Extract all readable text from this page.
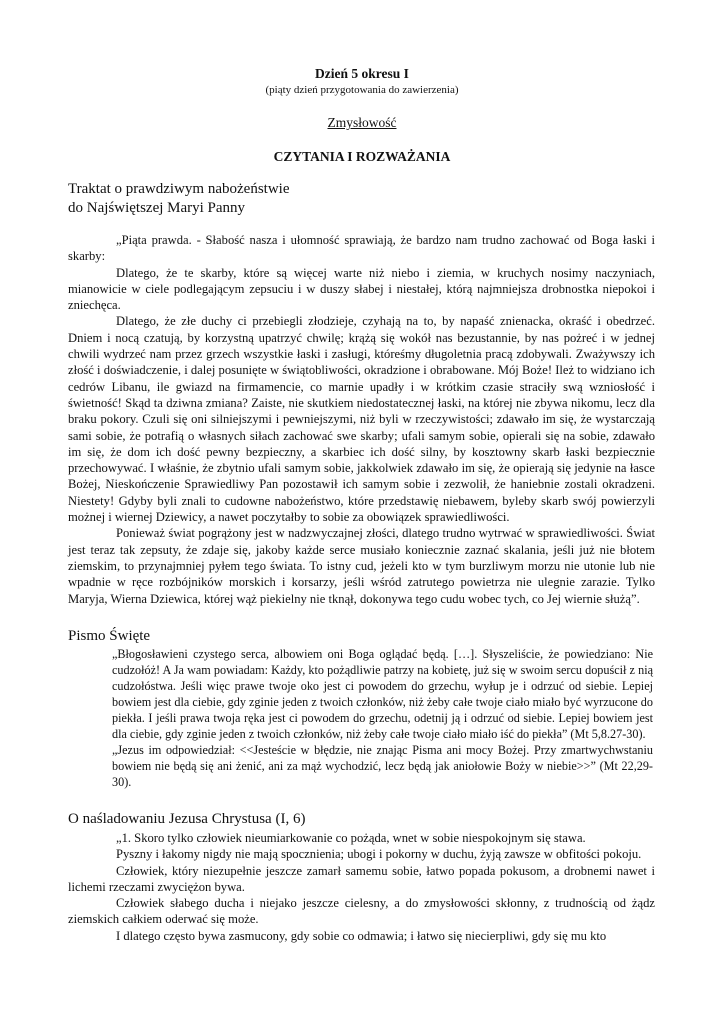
Dzień 5 okresu I
(piąty dzień przygotowania do zawierzenia)
Zmysłowość
CZYTANIA I ROZWAŻANIA
Traktat o prawdziwym nabożeństwie
do Najświętszej Maryi Panny

„Piąta prawda. - Słabość nasza i ułomność sprawiają, że bardzo nam trudno zachować od Boga łaski i skarby:

Dlatego, że te skarby, które są więcej warte niż niebo i ziemia, w kruchych nosimy naczyniach, mianowicie w ciele podlegającym zepsuciu i w duszy słabej i niestałej, którą najmniejsza drobnostka niepokoi i zniechęca.

Dlatego, że złe duchy ci przebiegli złodzieje, czyhają na to, by napaść znienacka, okraść i obedrzeć. Dniem i nocą czatują, by korzystną upatrzyć chwilę; krążą się wokół nas bezustannie, by nas pożreć i w jednej chwili wydrzeć nam przez grzech wszystkie łaski i zasługi, któreśmy długoletnia pracą zdobywali. Zważywszy ich złość i doświadczenie, i dalej posunięte w świątobliwości, okradzione i obrabowane. Mój Boże! Ileż to widziano ich cedrów Libanu, ile gwiazd na firmamencie, co marnie upadły i w krótkim czasie straciły swą wzniosłość i świetność! Skąd ta dziwna zmiana? Zaiste, nie skutkiem niedostatecznej łaski, na której nie zbywa nikomu, lecz dla braku pokory. Czuli się oni silniejszymi i pewniejszymi, niż byli w rzeczywistości; zdawało im się, że wystarczają sami sobie, że potrafią o własnych siłach zachować swe skarby; ufali samym sobie, opierali się na sobie, zdawało im się, że dom ich dość pewny bezpieczny, a skarbiec ich dość silny, by kosztowny skarb łaski bezpiecznie przechowywać. I właśnie, że zbytnio ufali samym sobie, jakkolwiek zdawało im się, że opierają się jedynie na łasce Bożej, Nieskończenie Sprawiedliwy Pan pozostawił ich samym sobie i zezwolił, że haniebnie zostali okradzeni. Niestety! Gdyby byli znali to cudowne nabożeństwo, które przedstawię niebawem, byleby skarb swój powierzyli możnej i wiernej Dziewicy, a nawet poczytałby to sobie za obowiązek sprawiedliwości.

Ponieważ świat pogrążony jest w nadzwyczajnej złości, dlatego trudno wytrwać w sprawiedliwości. Świat jest teraz tak zepsuty, że zdaje się, jakoby każde serce musiało koniecznie zaznać skalania, jeśli już nie błotem ziemskim, to przynajmniej pyłem tego świata. To istny cud, jeżeli kto w tym burzliwym morzu nie utonie lub nie wpadnie w ręce rozbójników morskich i korsarzy, jeśli wśród zatrutego powietrza nie ulegnie zarazie. Tylko Maryja, Wierna Dziewica, której wąż piekielny nie tknął, dokonywa tego cudu wobec tych, co Jej wiernie służą”.

Pismo Święte

„Błogosławieni czystego serca, albowiem oni Boga oglądać będą. […]. Słyszeliście, że powiedziano: Nie cudzołóż! A Ja wam powiadam: Każdy, kto pożądliwie patrzy na kobietę, już się w swoim sercu dopuścił z nią cudzołóstwa. Jeśli więc prawe twoje oko jest ci powodem do grzechu, wyłup je i odrzuć od siebie. Lepiej bowiem jest dla ciebie, gdy zginie jeden z twoich członków, niż żeby całe twoje ciało miało być wyrzucone do piekła. I jeśli prawa twoja ręka jest ci powodem do grzechu, odetnij ją i odrzuć od siebie. Lepiej bowiem jest dla ciebie, gdy zginie jeden z twoich członków, niż żeby całe twoje ciało miało iść do piekła” (Mt 5,8.27-30).

„Jezus im odpowiedział: <<Jesteście w błędzie, nie znając Pisma ani mocy Bożej. Przy zmartwychwstaniu bowiem nie będą się ani żenić, ani za mąż wychodzić, lecz będą jak aniołowie Boży w niebie>>” (Mt 22,29-30).

O naśladowaniu Jezusa Chrystusa (I, 6)

„1. Skoro tylko człowiek nieumiarkowanie co pożąda, wnet w sobie niespokojnym się stawa.

Pyszny i łakomy nigdy nie mają spocznienia; ubogi i pokorny w duchu, żyją zawsze w obfitości pokoju.

Człowiek, który niezupełnie jeszcze zamarł samemu sobie, łatwo popada pokusom, a drobnemi nawet i lichemi rzeczami zwyciężon bywa.

Człowiek słabego ducha i niejako jeszcze cielesny, a do zmysłowości skłonny, z trudnością od żądz ziemskich całkiem oderwać się może.

I dlatego często bywa zasmucony, gdy sobie co odmawia; i łatwo się niecierpliwi, gdy się mu kto
